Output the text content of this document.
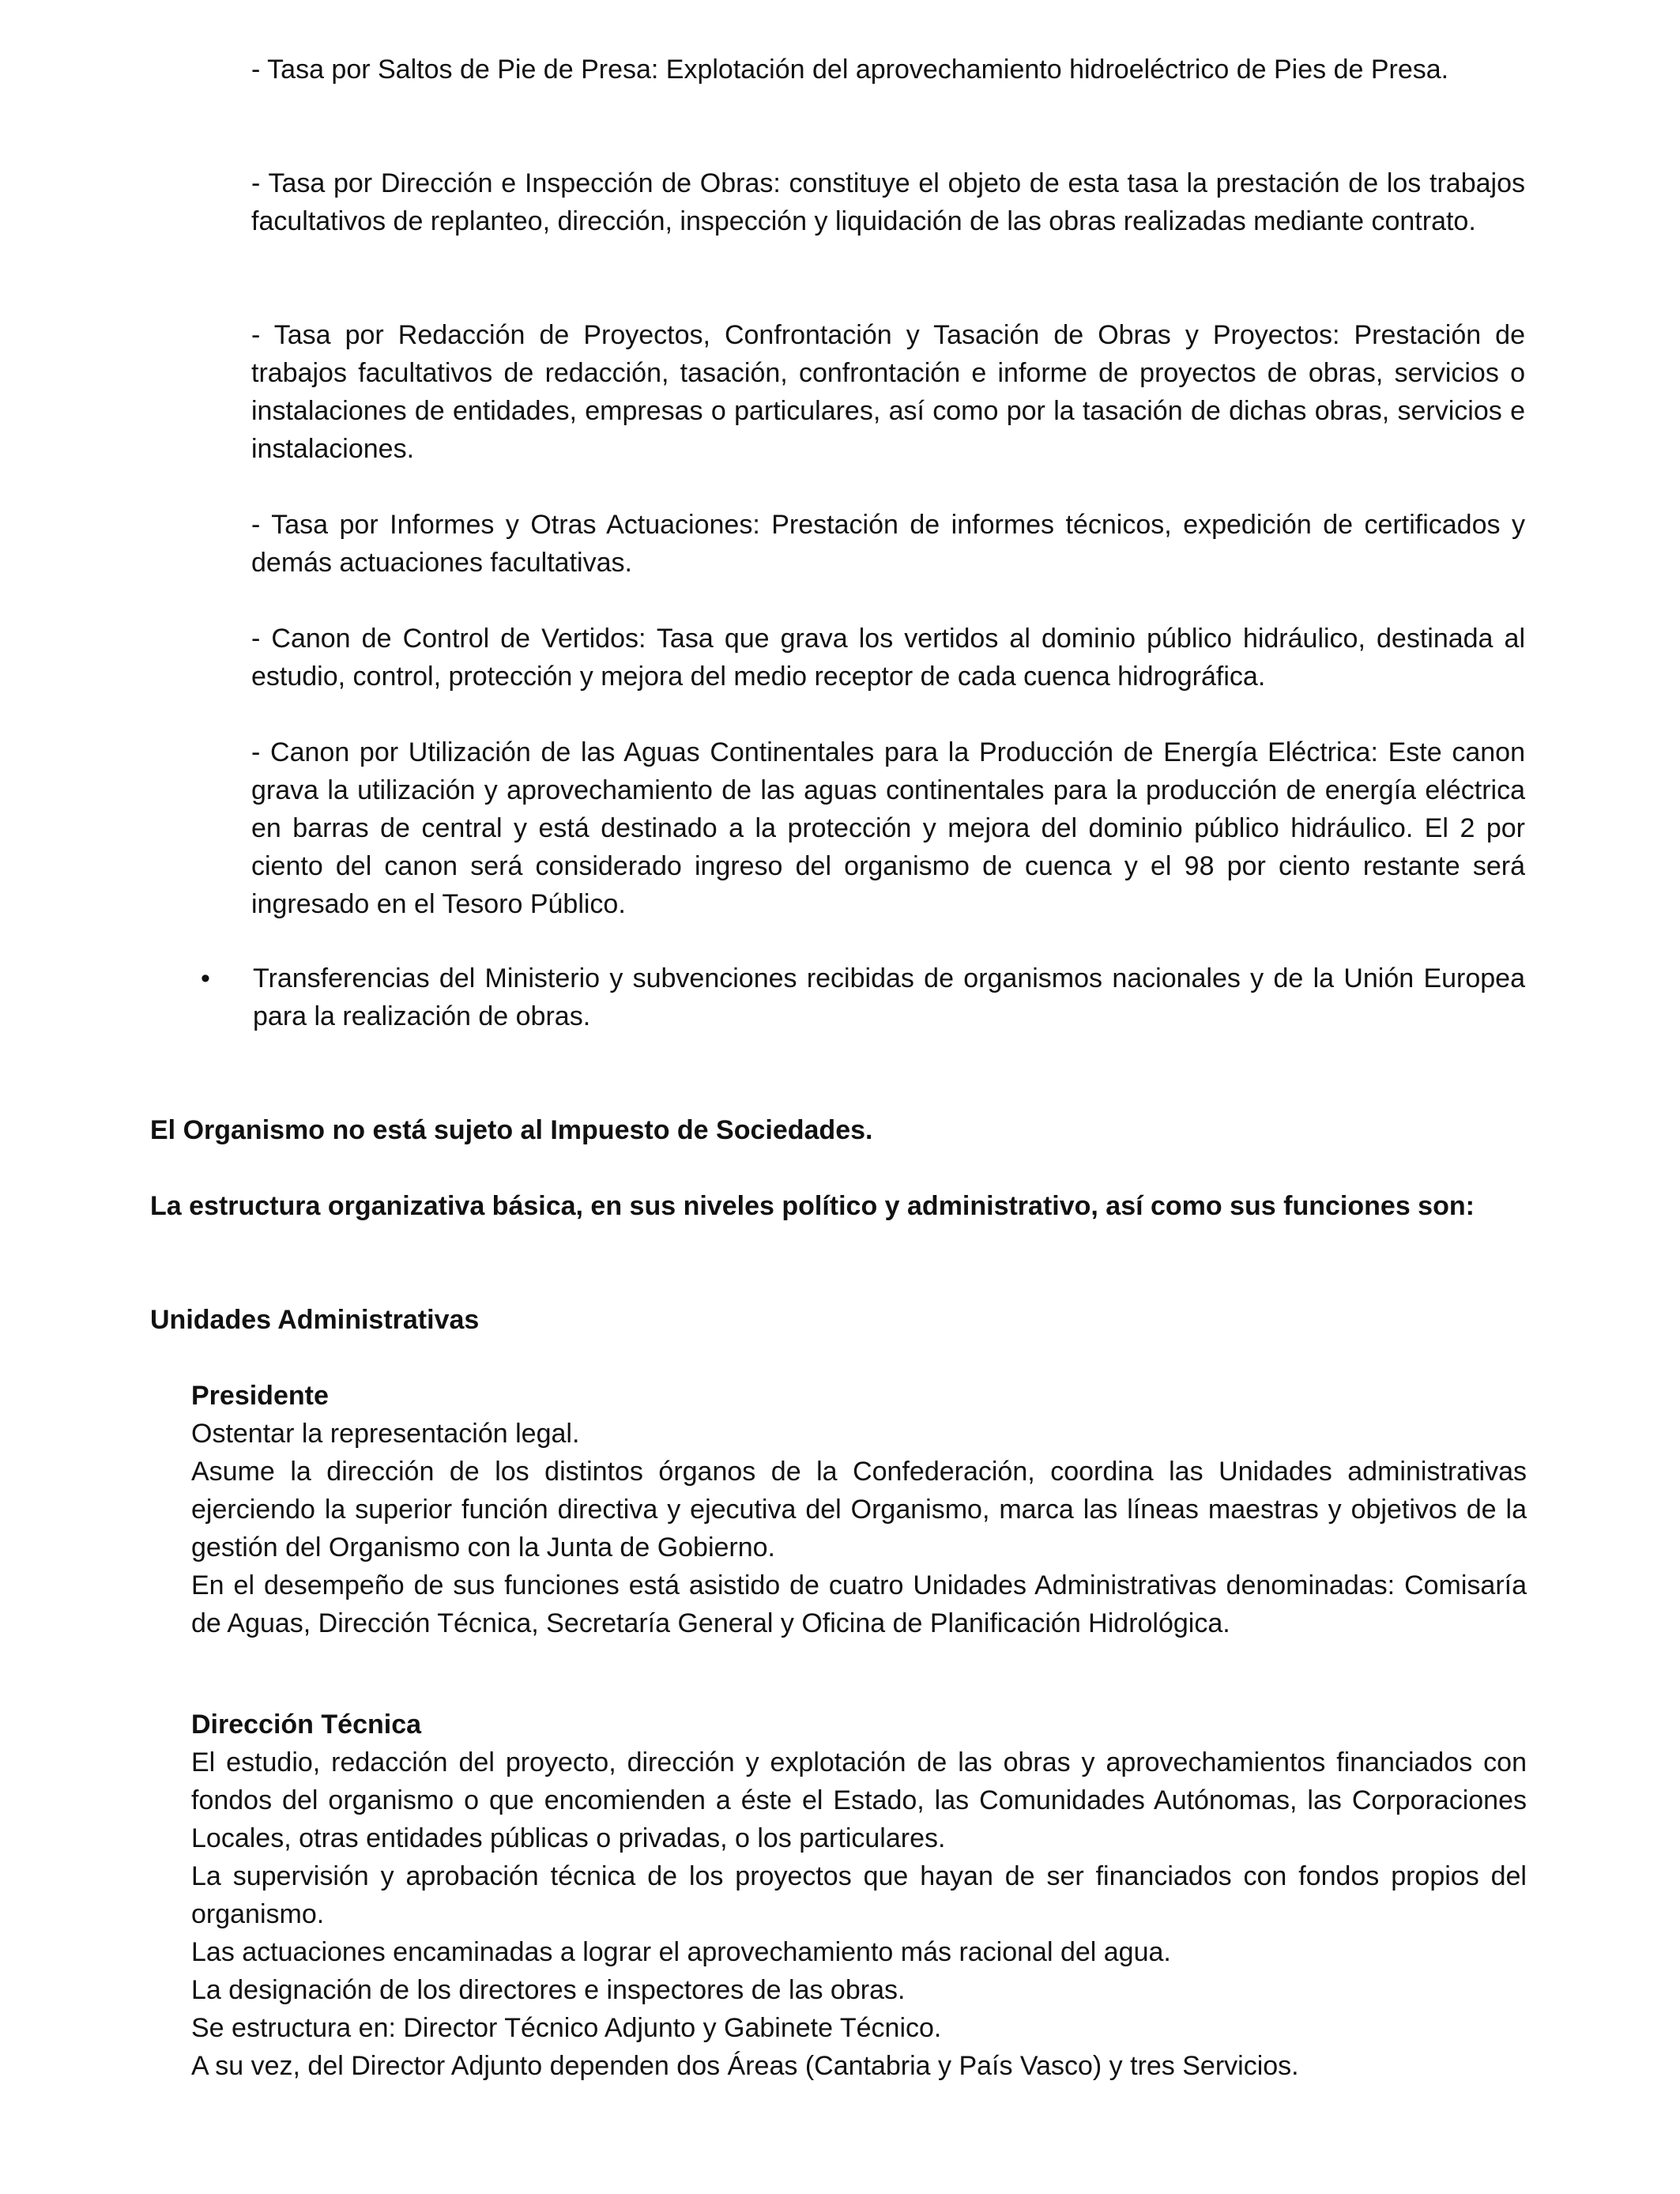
- Tasa por Saltos de Pie de Presa: Explotación del aprovechamiento hidroeléctrico de Pies de Presa.

- Tasa por Dirección e Inspección de Obras: constituye el objeto de esta tasa la prestación de los trabajos facultativos de replanteo, dirección, inspección y liquidación de las obras realizadas mediante contrato.

- Tasa por Redacción de Proyectos, Confrontación y Tasación de Obras y Proyectos: Prestación de trabajos facultativos de redacción, tasación, confrontación e informe de proyectos de obras, servicios o instalaciones de entidades, empresas o particulares, así como por la tasación de dichas obras, servicios e instalaciones.

- Tasa por Informes y Otras Actuaciones: Prestación de informes técnicos, expedición de certificados y demás actuaciones facultativas.

- Canon de Control de Vertidos: Tasa que grava los vertidos al dominio público hidráulico, destinada al estudio, control, protección y mejora del medio receptor de cada cuenca hidrográfica.

- Canon por Utilización de las Aguas Continentales para la Producción de Energía Eléctrica: Este canon grava la utilización y aprovechamiento de las aguas continentales para la producción de energía eléctrica en barras de central y está destinado a la protección y mejora del dominio público hidráulico. El 2 por ciento del canon será considerado ingreso del organismo de cuenca y el 98 por ciento restante será ingresado en el Tesoro Público.

• Transferencias del Ministerio y subvenciones recibidas de organismos nacionales y de la Unión Europea para la realización de obras.

El Organismo no está sujeto al Impuesto de Sociedades.

La estructura organizativa básica, en sus niveles político y administrativo, así como sus funciones son:

Unidades Administrativas

Presidente

Ostentar la representación legal.

Asume la dirección de los distintos órganos de la Confederación, coordina las Unidades administrativas ejerciendo la superior función directiva y ejecutiva del Organismo, marca las líneas maestras y objetivos de la gestión del Organismo con la Junta de Gobierno.

En el desempeño de sus funciones está asistido de cuatro Unidades Administrativas denominadas: Comisaría de Aguas, Dirección Técnica, Secretaría General y Oficina de Planificación Hidrológica.

Dirección Técnica

El estudio, redacción del proyecto, dirección y explotación de las obras y aprovechamientos financiados con fondos del organismo o que encomienden a éste el Estado, las Comunidades Autónomas, las Corporaciones Locales, otras entidades públicas o privadas, o los particulares.

La supervisión y aprobación técnica de los proyectos que hayan de ser financiados con fondos propios del organismo.

Las actuaciones encaminadas a lograr el aprovechamiento más racional del agua.

La designación de los directores e inspectores de las obras.

Se estructura en: Director Técnico Adjunto y Gabinete Técnico.

A su vez, del Director Adjunto dependen dos Áreas (Cantabria y País Vasco) y tres Servicios.
